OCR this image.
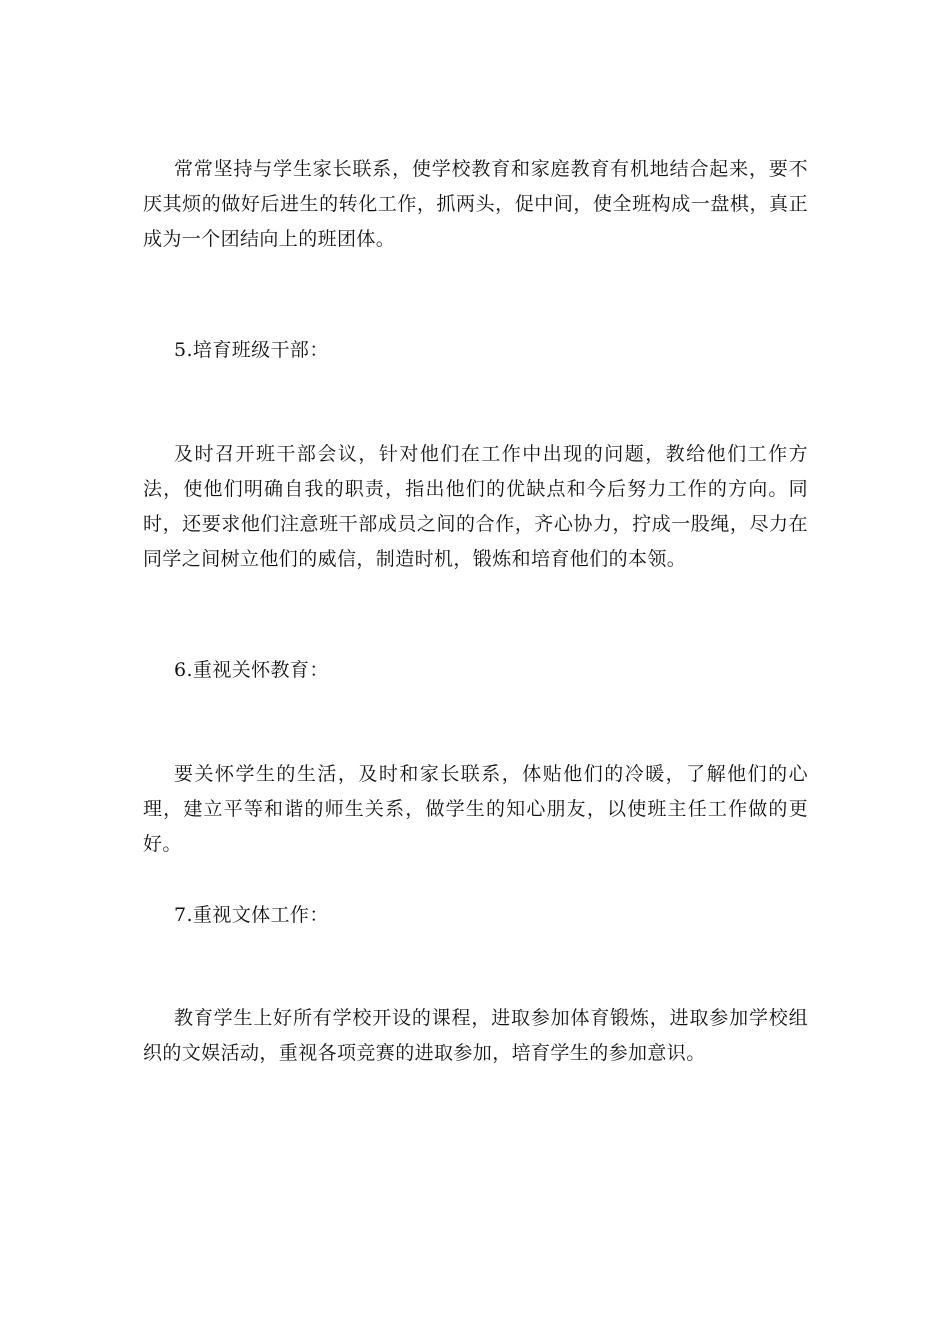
常常坚持与学生家长联系，使学校教育和家庭教育有机地结合起来，要不厌其烦的做好后进生的转化工作，抓两头，促中间，使全班构成一盘棋，真正成为一个团结向上的班团体。

5.培育班级干部：

及时召开班干部会议，针对他们在工作中出现的问题，教给他们工作方法，使他们明确自我的职责，指出他们的优缺点和今后努力工作的方向。同时，还要求他们注意班干部成员之间的合作，齐心协力，拧成一股绳，尽力在同学之间树立他们的威信，制造时机，锻炼和培育他们的本领。

6.重视关怀教育：

要关怀学生的生活，及时和家长联系，体贴他们的冷暖，了解他们的心理，建立平等和谐的师生关系，做学生的知心朋友，以使班主任工作做的更好。

7.重视文体工作：

教育学生上好所有学校开设的课程，进取参加体育锻炼，进取参加学校组织的文娱活动，重视各项竞赛的进取参加，培育学生的参加意识。
